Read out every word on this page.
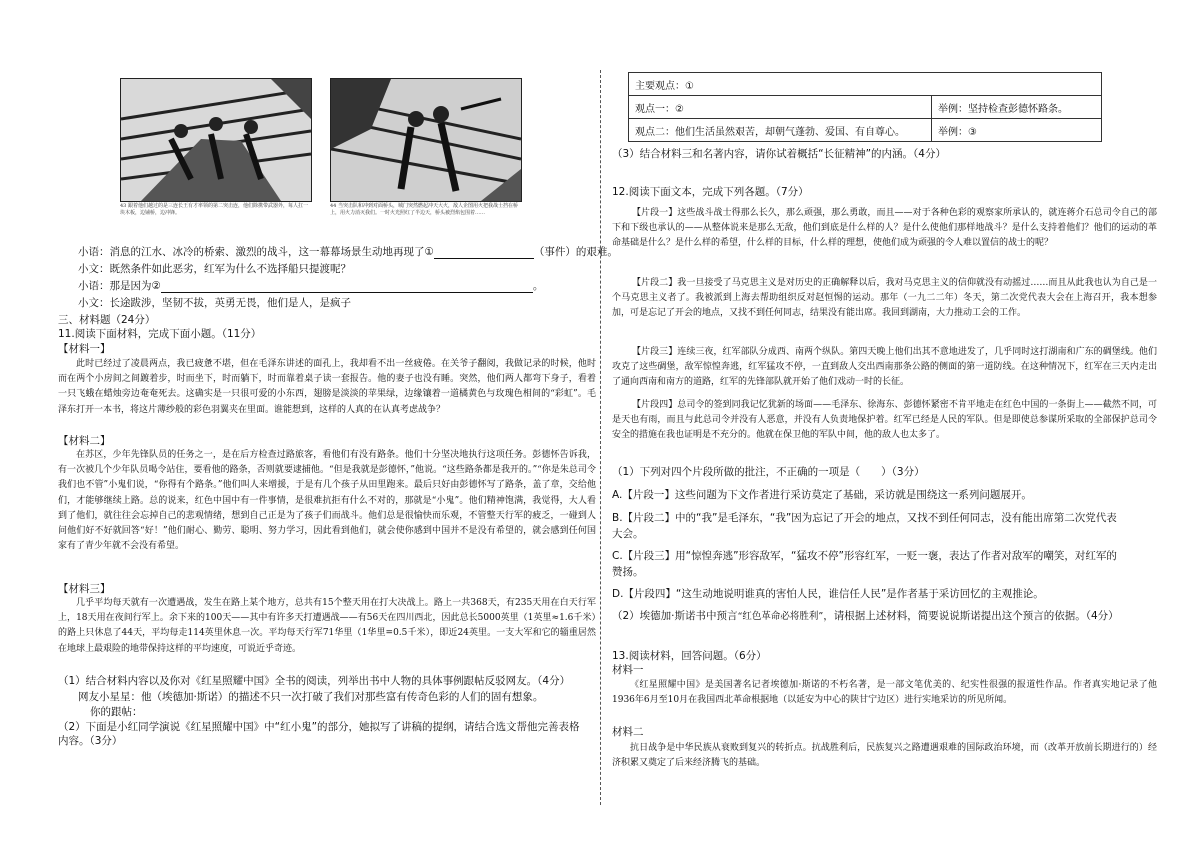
43 跟着他们越过的是三连长王有才率领的第二突击连，他们除携带武器外，每人扛一块木板，边铺桥，边冲锋。
44 当突击队和冲到对面桥头，城门突然燃起冲天大火，敌人企图用火把我战士挡在桥上，用火力消灭我们。一时火光照红了半边天，桥头被烈焰包围着……
小语：消息的江水、冰冷的桥索、激烈的战斗，这一幕幕场景生动地再现了①	（事件）的艰难。
小文：既然条件如此恶劣，红军为什么不选择船只提渡呢？
小语：那是因为②	。
小文：长途跋涉，坚韧不拔，英勇无畏，他们是人，是疯子
三、材料题（24分）
11.阅读下面材料，完成下面小题。（11分）
【材料一】
此时已经过了凌晨两点，我已疲惫不堪，但在毛泽东讲述的面孔上，我却看不出一丝疲倦。在关爷子翻阅，我做记录的时候，他时而在两个小房间之间踱着步，时而坐下，时而躺下，时而靠着桌子读一套报告。他的妻子也没有睡。突然，他们两人都弯下身子，看着一只飞蛾在蜡烛旁边奄奄死去。这确实是一只很可爱的小东西，翅膀是淡淡的苹果绿，边缘镶着一道橘黄色与玫瑰色相间的“彩虹”。毛泽东打开一本书，将这片薄纱般的彩色羽翼夹在里面。谁能想到，这样的人真的在认真考虑战争？
【材料二】
在苏区，少年先锋队员的任务之一，是在后方检查过路旅客，看他们有没有路条。他们十分坚决地执行这项任务。彭德怀告诉我，有一次被几个少年队员喝令站住，要看他的路条，否则就要逮捕他。“但是我就是彭德怀，”他说。“这些路条都是我开的。”“你是朱总司令我们也不管”小鬼们说，“你得有个路条。”他们叫人来增援，于是有几个孩子从田里跑来。最后只好由彭德怀写了路条，盖了章，交给他们，才能够继续上路。总的说来，红色中国中有一件事情，是很难抗拒有什么不对的，那就是“小鬼”。他们精神饱满，我觉得，大人看到了他们，就往往会忘掉自己的悲观情绪，想到自己正是为了孩子们而战斗。他们总是很愉快而乐观，不管整天行军的疲乏，一碰到人问他们好不好就回答“好！”他们耐心、勤劳、聪明、努力学习，因此看到他们，就会使你感到中国并不是没有希望的，就会感到任何国家有了青少年就不会没有希望。
【材料三】
几乎平均每天就有一次遭遇战，发生在路上某个地方，总共有15个整天用在打大决战上。路上一共368天，有235天用在白天行军上，18天用在夜间行军上。余下来的100天——其中有许多天打遭遇战——有56天在四川西北，因此总长5000英里（1英里≈1.6千米）的路上只休息了44天，平均每走114英里休息一次。平均每天行军71华里（1华里=0.5千米），即近24英里。一支大军和它的辎重居然在地球上最艰险的地带保持这样的平均速度，可说近乎奇迹。
（1）结合材料内容以及你对《红星照耀中国》全书的阅读，列举出书中人物的具体事例跟帖反驳网友。（4分）
网友小星星：他（埃德加·斯诺）的描述不只一次打破了我们对那些富有传奇色彩的人们的固有想象。
你的跟帖：
（2）下面是小红同学演说《红星照耀中国》中“红小鬼”的部分，她拟写了讲稿的提纲，请结合选文帮他完善表格内容。（3分）
主要观点：①	
观点一：②	举例：坚持检查彭德怀路条。
观点二：他们生活虽然艰苦，却朝气蓬勃、爱国、有自尊心。	举例：③
（3）结合材料三和名著内容，请你试着概括“长征精神”的内涵。（4分）
12.阅读下面文本，完成下列各题。（7分）
【片段一】这些战斗战士得那么长久，那么顽强，那么勇敢，而且——对于各种色彩的观察家所承认的，就连蒋介石总司令自己的部下和下级也承认的——从整体说来是那么无敌，他们到底是什么样的人？是什么使他们那样地战斗？是什么支持着他们？他们的运动的革命基础是什么？是什么样的希望，什么样的目标，什么样的理想，使他们成为顽强的令人难以置信的战士的呢？
【片段二】我一旦接受了马克思主义是对历史的正确解释以后，我对马克思主义的信仰就没有动摇过……而且从此我也认为自己是一个马克思主义者了。我被派到上海去帮助组织反对赵恒惕的运动。那年（一九二二年）冬天，第二次党代表大会在上海召开，我本想参加，可是忘记了开会的地点，又找不到任何同志，结果没有能出席。我回到湖南，大力推动工会的工作。
【片段三】连续三夜，红军部队分成西、南两个纵队。第四天晚上他们出其不意地进发了，几乎同时这打湖南和广东的碉堡线。他们攻克了这些碉堡，敌军惊惶奔逃，红军猛攻不停，一直到敌人交出西南那条公路的侧面的第一道防线。在这种情况下，红军在三天内走出了通向西南和南方的道路，红军的先锋部队就开始了他们戏动一时的长征。
【片段四】总司令的签到同我记忆犹新的场面——毛泽东、徐海东、彭德怀紧密不肯平地走在红色中国的一条街上——截然不同，可是天也有雨，而且与此总司令并没有人恶意，并没有人负责地保护着。红军已经是人民的军队。但是即使总参谋所采取的全部保护总司令安全的措施在我也证明是不充分的。他就在保卫他的军队中间，他的敌人也太多了。
（1）下列对四个片段所做的批注，不正确的一项是（　　）（3分）
A.【片段一】这些问题为下文作者进行采访莫定了基础，采访就是围绕这一系列问题展开。
B.【片段二】中的“我”是毛泽东，“我”因为忘记了开会的地点，又找不到任何同志，没有能出席第二次党代表
大会。
C.【片段三】用“惊惶奔逃”形容敌军，“猛攻不停”形容红军，一贬一褒，表达了作者对敌军的嘲笑，对红军的
赞扬。
D.【片段四】“这生动地说明谁真的害怕人民，谁信任人民”是作者基于采访回忆的主观推论。
（2）埃德加·斯诺书中预言“红色革命必将胜利”，请根据上述材料，简要说说斯诺提出这个预言的依据。（4分）
13.阅读材料，回答问题。（6分）
材料一
《红星照耀中国》是美国著名记者埃德加·斯诺的不朽名著，是一部文笔优美的、纪实性很强的报道性作品。作者真实地记录了他1936年6月至10月在我国西北革命根据地（以延安为中心的陕甘宁边区）进行实地采访的所见所闻。
材料二
抗日战争是中华民族从衰败到复兴的转折点。抗战胜利后，民族复兴之路遭遇艰难的国际政治环境，而（改革开放前长期进行的）经济积累又奠定了后来经济腾飞的基础。
